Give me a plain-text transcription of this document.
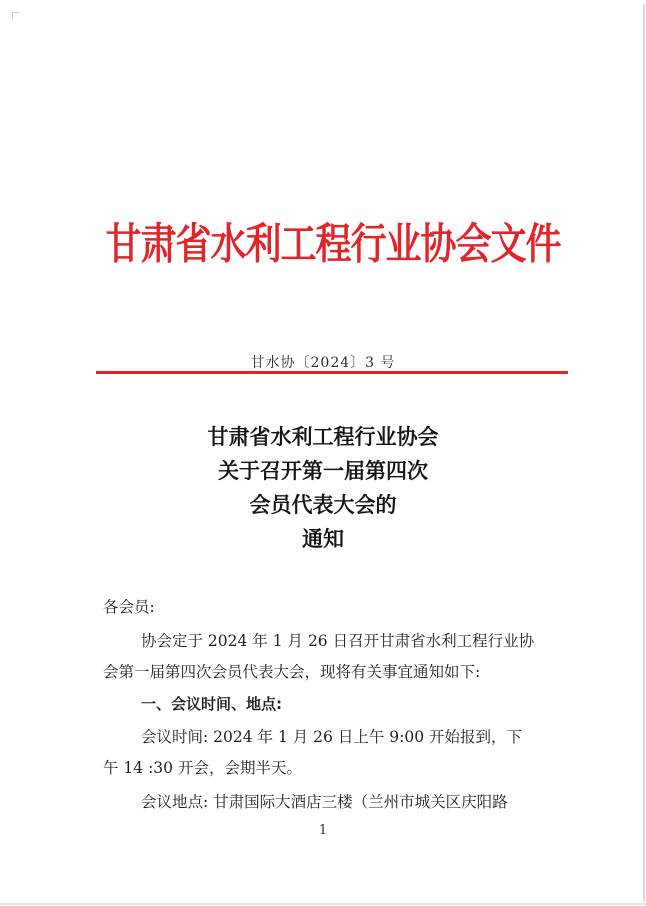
甘肃省水利工程行业协会文件
甘水协〔2024〕3 号
甘肃省水利工程行业协会
关于召开第一届第四次
会员代表大会的
通知
各会员:
协会定于 2024 年 1 月 26 日召开甘肃省水利工程行业协
会第一届第四次会员代表大会，现将有关事宜通知如下:
一、会议时间、地点:
会议时间: 2024 年 1 月 26 日上午 9:00 开始报到，下
午 14 :30 开会，会期半天。
会议地点: 甘肃国际大酒店三楼（兰州市城关区庆阳路
1
